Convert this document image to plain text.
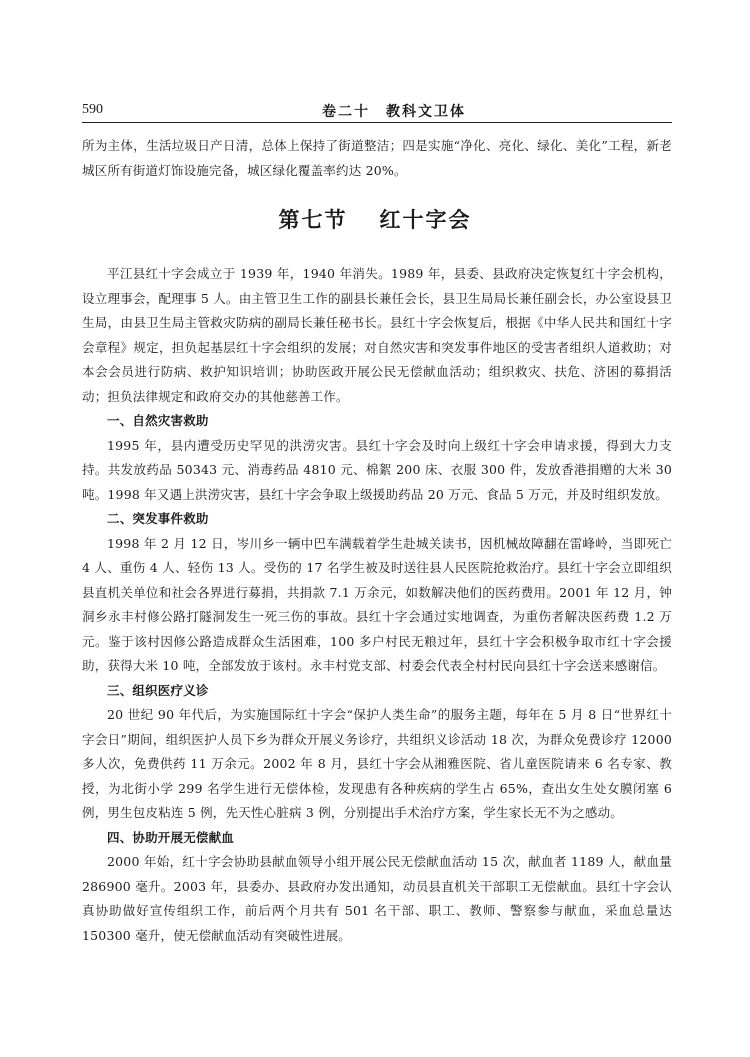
590	卷二十　教科文卫体

所为主体，生活垃圾日产日清，总体上保持了街道整洁；四是实施“净化、亮化、绿化、美化”工程，新老城区所有街道灯饰设施完备，城区绿化覆盖率约达 20%。

第七节 红十字会

平江县红十字会成立于 1939 年，1940 年消失。1989 年，县委、县政府决定恢复红十字会机构，设立理事会，配理事 5 人。由主管卫生工作的副县长兼任会长，县卫生局局长兼任副会长，办公室设县卫生局，由县卫生局主管救灾防病的副局长兼任秘书长。县红十字会恢复后，根据《中华人民共和国红十字会章程》规定，担负起基层红十字会组织的发展；对自然灾害和突发事件地区的受害者组织人道救助；对本会会员进行防病、救护知识培训；协助医政开展公民无偿献血活动；组织救灾、扶危、济困的募捐活动；担负法律规定和政府交办的其他慈善工作。

一、自然灾害救助

1995 年，县内遭受历史罕见的洪涝灾害。县红十字会及时向上级红十字会申请求援，得到大力支持。共发放药品 50343 元、消毒药品 4810 元、棉絮 200 床、衣服 300 件，发放香港捐赠的大米 30 吨。1998 年又遇上洪涝灾害，县红十字会争取上级援助药品 20 万元、食品 5 万元，并及时组织发放。

二、突发事件救助

1998 年 2 月 12 日，岑川乡一辆中巴车满载着学生赴城关读书，因机械故障翻在雷峰岭，当即死亡 4 人、重伤 4 人、轻伤 13 人。受伤的 17 名学生被及时送往县人民医院抢救治疗。县红十字会立即组织县直机关单位和社会各界进行募捐，共捐款 7.1 万余元，如数解决他们的医药费用。2001 年 12 月，钟洞乡永丰村修公路打隧洞发生一死三伤的事故。县红十字会通过实地调查，为重伤者解决医药费 1.2 万元。鉴于该村因修公路造成群众生活困难，100 多户村民无粮过年，县红十字会积极争取市红十字会援助，获得大米 10 吨，全部发放于该村。永丰村党支部、村委会代表全村村民向县红十字会送来感谢信。

三、组织医疗义诊

20 世纪 90 年代后，为实施国际红十字会“保护人类生命”的服务主题，每年在 5 月 8 日“世界红十字会日”期间，组织医护人员下乡为群众开展义务诊疗，共组织义诊活动 18 次，为群众免费诊疗 12000 多人次，免费供药 11 万余元。2002 年 8 月，县红十字会从湘雅医院、省儿童医院请来 6 名专家、教授，为北街小学 299 名学生进行无偿体检，发现患有各种疾病的学生占 65%，查出女生处女膜闭塞 6 例，男生包皮粘连 5 例，先天性心脏病 3 例，分别提出手术治疗方案，学生家长无不为之感动。

四、协助开展无偿献血

2000 年始，红十字会协助县献血领导小组开展公民无偿献血活动 15 次，献血者 1189 人，献血量 286900 毫升。2003 年，县委办、县政府办发出通知，动员县直机关干部职工无偿献血。县红十字会认真协助做好宣传组织工作，前后两个月共有 501 名干部、职工、教师、警察参与献血，采血总量达 150300 毫升，使无偿献血活动有突破性进展。
